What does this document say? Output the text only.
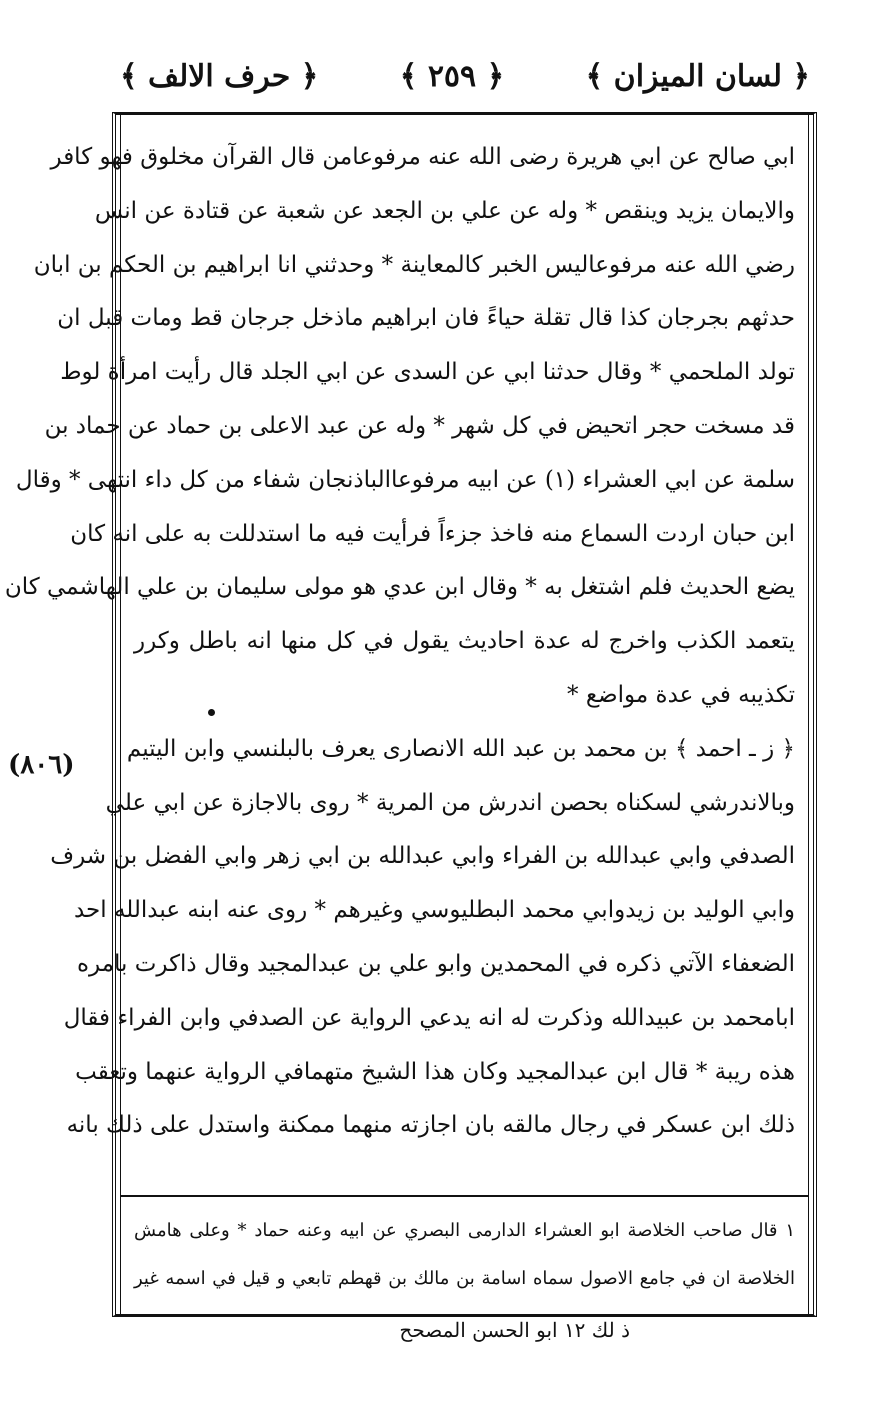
﴿ لسان الميزان ﴾
﴿ ٢٥٩ ﴾
﴿ حرف الالف ﴾
(٨٠٦)
ابي صالح عن ابي هريرة رضى الله عنه مرفوعامن قال القرآن مخلوق فهو كافر
والايمان يزيد وينقص * وله عن علي بن الجعد عن شعبة عن قتادة عن انس
رضي الله عنه مرفوعاليس الخبر كالمعاينة * وحدثني انا ابراهيم بن الحكم بن ابان
حدثهم بجرجان كذا قال تقلة حياءً فان ابراهيم ماذخل جرجان قط ومات قبل ان
تولد الملحمي * وقال حدثنا ابي عن السدى عن ابي الجلد قال رأيت امرأة لوط
قد مسخت حجر اتحيض في كل شهر * وله عن عبد الاعلى بن حماد عن حماد بن
سلمة عن ابي العشراء (١) عن ابيه مرفوعاالباذنجان شفاء من كل داء انتهى * وقال
ابن حبان اردت السماع منه فاخذ جزءاً فرأيت فيه ما استدللت به على انه كان
يضع الحديث فلم اشتغل به * وقال ابن عدي هو مولى سليمان بن علي الهاشمي كان
يتعمد الكذب واخرج له عدة احاديث يقول في كل منها انه باطل وكرر
تكذيبه في عدة مواضع *
﴿ ز ـ احمد ﴾ بن محمد بن عبد الله الانصارى يعرف بالبلنسي وابن اليتيم
وبالاندرشي لسكناه بحصن اندرش من المرية * روى بالاجازة عن ابي علي
الصدفي وابي عبدالله بن الفراء وابي عبدالله بن ابي زهر وابي الفضل بن شرف
وابي الوليد بن زيدوابي محمد البطليوسي وغيرهم * روى عنه ابنه عبدالله احد
الضعفاء الآتي ذكره في المحمدين وابو علي بن عبدالمجيد وقال ذاكرت بامره
ابامحمد بن عبيدالله وذكرت له انه يدعي الرواية عن الصدفي وابن الفراء فقال
هذه ريبة * قال ابن عبدالمجيد وكان هذا الشيخ متهمافي الرواية عنهما وتعقب
ذلك ابن عسكر في رجال مالقه بان اجازته منهما ممكنة واستدل على ذلك بانه
١ قال صاحب الخلاصة ابو العشراء الدارمى البصري عن ابيه وعنه حماد * وعلى هامش
الخلاصة ان في جامع الاصول سماه اسامة بن مالك بن قهطم تابعي و قيل في اسمه غير
ذ لك ١٢ ابو الحسن المصحح
